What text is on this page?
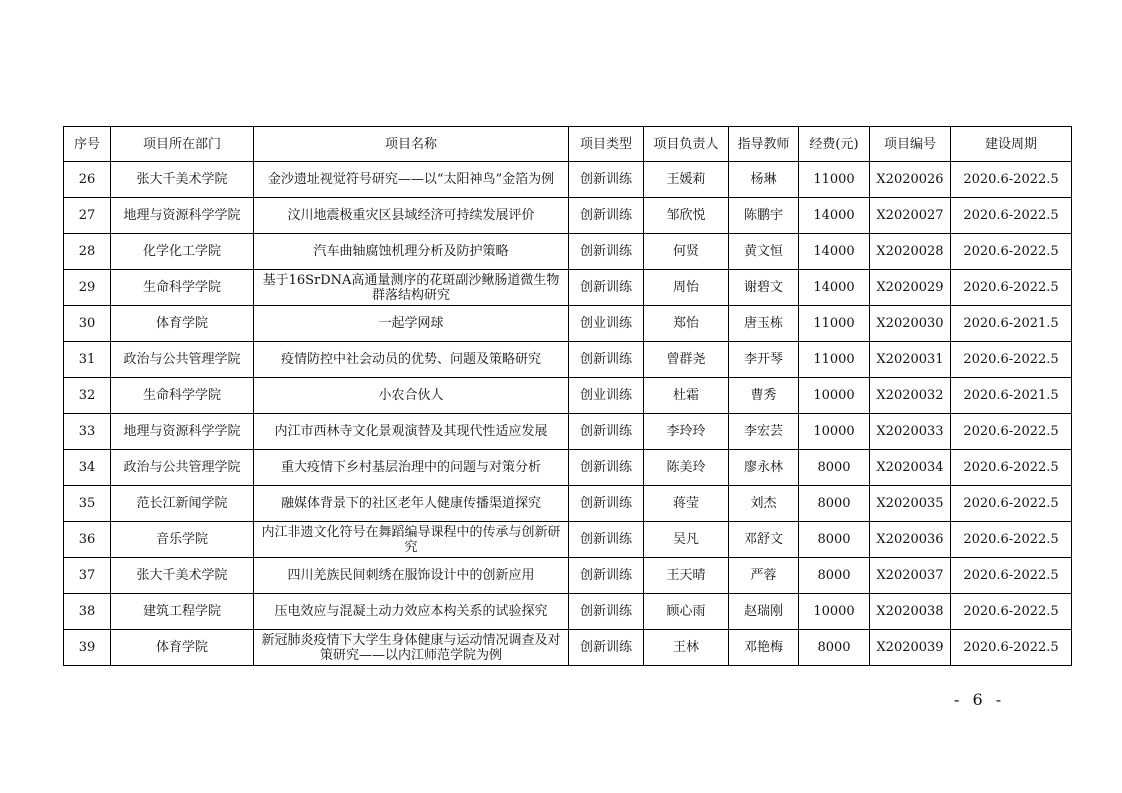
序号	项目所在部门	项目名称	项目类型	项目负责人	指导教师	经费(元)	项目编号	建设周期
26	张大千美术学院	金沙遗址视觉符号研究——以“太阳神鸟”金箔为例	创新训练	王媛莉	杨琳	11000	X2020026	2020.6-2022.5
27	地理与资源科学学院	汶川地震极重灾区县域经济可持续发展评价	创新训练	邹欣悦	陈鹏宇	14000	X2020027	2020.6-2022.5
28	化学化工学院	汽车曲轴腐蚀机理分析及防护策略	创新训练	何贤	黄文恒	14000	X2020028	2020.6-2022.5
29	生命科学学院	基于16SrDNA高通量测序的花斑副沙鳅肠道微生物群落结构研究	创新训练	周怡	谢碧文	14000	X2020029	2020.6-2022.5
30	体育学院	一起学网球	创业训练	郑怡	唐玉栋	11000	X2020030	2020.6-2021.5
31	政治与公共管理学院	疫情防控中社会动员的优势、问题及策略研究	创新训练	曾群尧	李开琴	11000	X2020031	2020.6-2022.5
32	生命科学学院	小农合伙人	创业训练	杜霜	曹秀	10000	X2020032	2020.6-2021.5
33	地理与资源科学学院	内江市西林寺文化景观演替及其现代性适应发展	创新训练	李玲玲	李宏芸	10000	X2020033	2020.6-2022.5
34	政治与公共管理学院	重大疫情下乡村基层治理中的问题与对策分析	创新训练	陈美玲	廖永林	8000	X2020034	2020.6-2022.5
35	范长江新闻学院	融媒体背景下的社区老年人健康传播渠道探究	创新训练	蒋莹	刘杰	8000	X2020035	2020.6-2022.5
36	音乐学院	内江非遗文化符号在舞蹈编导课程中的传承与创新研究	创新训练	吴凡	邓舒文	8000	X2020036	2020.6-2022.5
37	张大千美术学院	四川羌族民间刺绣在服饰设计中的创新应用	创新训练	王天晴	严蓉	8000	X2020037	2020.6-2022.5
38	建筑工程学院	压电效应与混凝土动力效应本构关系的试验探究	创新训练	顾心雨	赵瑞刚	10000	X2020038	2020.6-2022.5
39	体育学院	新冠肺炎疫情下大学生身体健康与运动情况调查及对策研究——以内江师范学院为例	创新训练	王林	邓艳梅	8000	X2020039	2020.6-2022.5
- 6 -
